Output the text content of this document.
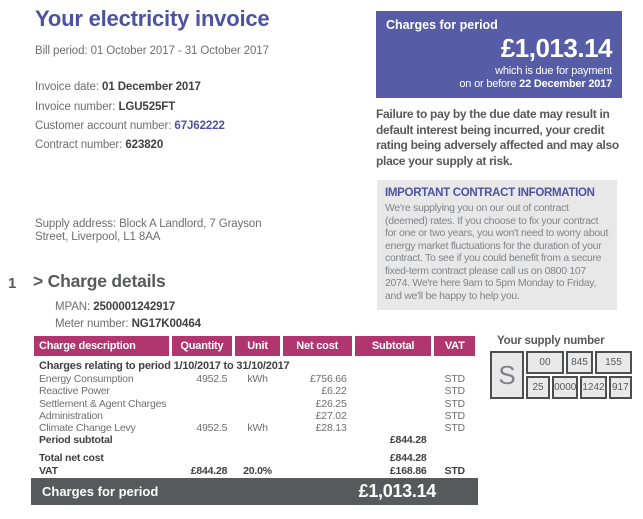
Your electricity invoice
Bill period: 01 October 2017 - 31 October 2017
Invoice date: 01 December 2017
Invoice number: LGU525FT
Customer account number: 67J62222
Contract number: 623820
Supply address: Block A Landlord, 7 Grayson Street, Liverpool, L1 8AA
Charges for period
£1,013.14
which is due for payment
on or before 22 December 2017
Failure to pay by the due date may result in default interest being incurred, your credit rating being adversely affected and may also place your supply at risk.
IMPORTANT CONTRACT INFORMATION
We're supplying you on our out of contract (deemed) rates. If you choose to fix your contract for one or two years, you won't need to worry about energy market fluctuations for the duration of your contract. To see if you could benefit from a secure fixed-term contract please call us on 0800 107 2074. We're here 9am to 5pm Monday to Friday, and we'll be happy to help you.
1 > Charge details
MPAN: 2500001242917
Meter number: NG17K00464
Charge description	Quantity	Unit	Net cost	Subtotal	VAT
Charges relating to period 1/10/2017 to 31/10/2017					
Energy Consumption	4952.5	kWh	£756.66		STD
Reactive Power			£6.22		STD
Settlement & Agent Charges			£26.25		STD
Administration			£27.02		STD
Climate Change Levy	4952.5	kWh	£28.13		STD
Period subtotal				£844.28	

Total net cost				£844.28	
VAT	£844.28	20.0%		£168.86	STD
Charges for period	£1,013.14
Your supply number
S	00	845	155
25	0000 1242 917
